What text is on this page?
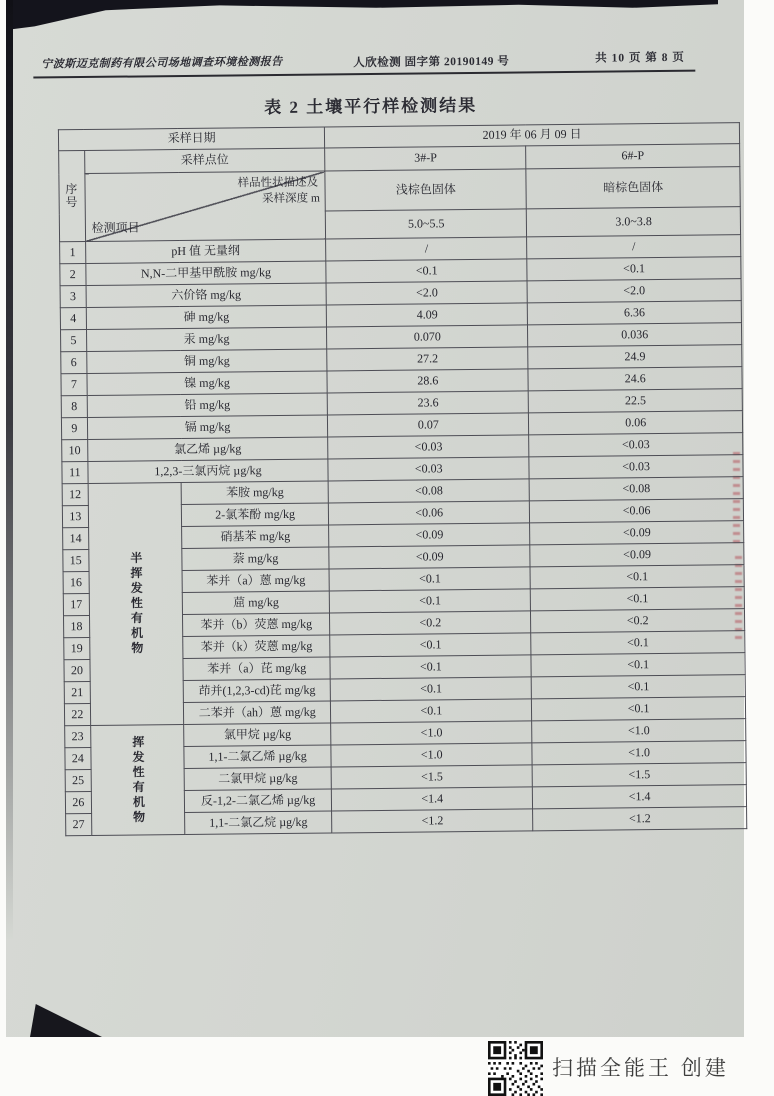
宁波斯迈克制药有限公司场地调查环境检测报告	人欣检测 固字第 20190149 号	共 10 页 第 8 页
表 2 土壤平行样检测结果
采样日期			2019 年 06 月 09 日	
序号	采样点位		3#-P	6#-P

	样品性状描述及
采样深度 m
检测项目		浅棕色固体	暗棕色固体
			5.0~5.5	3.0~3.8
1	pH 值 无量纲		/	/
2	N,N-二甲基甲酰胺 mg/kg		<0.1	<0.1
3	六价铬 mg/kg		<2.0	<2.0
4	砷 mg/kg		4.09	6.36
5	汞 mg/kg		0.070	0.036
6	铜 mg/kg		27.2	24.9
7	镍 mg/kg		28.6	24.6
8	铅 mg/kg		23.6	22.5
9	镉 mg/kg		0.07	0.06
10	氯乙烯 µg/kg		<0.03	<0.03
11	1,2,3-三氯丙烷 µg/kg		<0.03	<0.03
12	半挥发性有机物	苯胺 mg/kg	<0.08	<0.08
13		2-氯苯酚 mg/kg	<0.06	<0.06
14		硝基苯 mg/kg	<0.09	<0.09
15		萘 mg/kg	<0.09	<0.09
16		苯并（a）蒽 mg/kg	<0.1	<0.1
17		䓛 mg/kg	<0.1	<0.1
18		苯并（b）荧蒽 mg/kg	<0.2	<0.2
19		苯并（k）荧蒽 mg/kg	<0.1	<0.1
20		苯并（a）芘 mg/kg	<0.1	<0.1
21		茚并(1,2,3-cd)芘 mg/kg	<0.1	<0.1
22		二苯并（ah）蒽 mg/kg	<0.1	<0.1
23	挥发性有机物	氯甲烷 µg/kg	<1.0	<1.0
24		1,1-二氯乙烯 µg/kg	<1.0	<1.0
25		二氯甲烷 µg/kg	<1.5	<1.5
26		反-1,2-二氯乙烯 µg/kg	<1.4	<1.4
27		1,1-二氯乙烷 µg/kg	<1.2	<1.2
扫描全能王 创建
